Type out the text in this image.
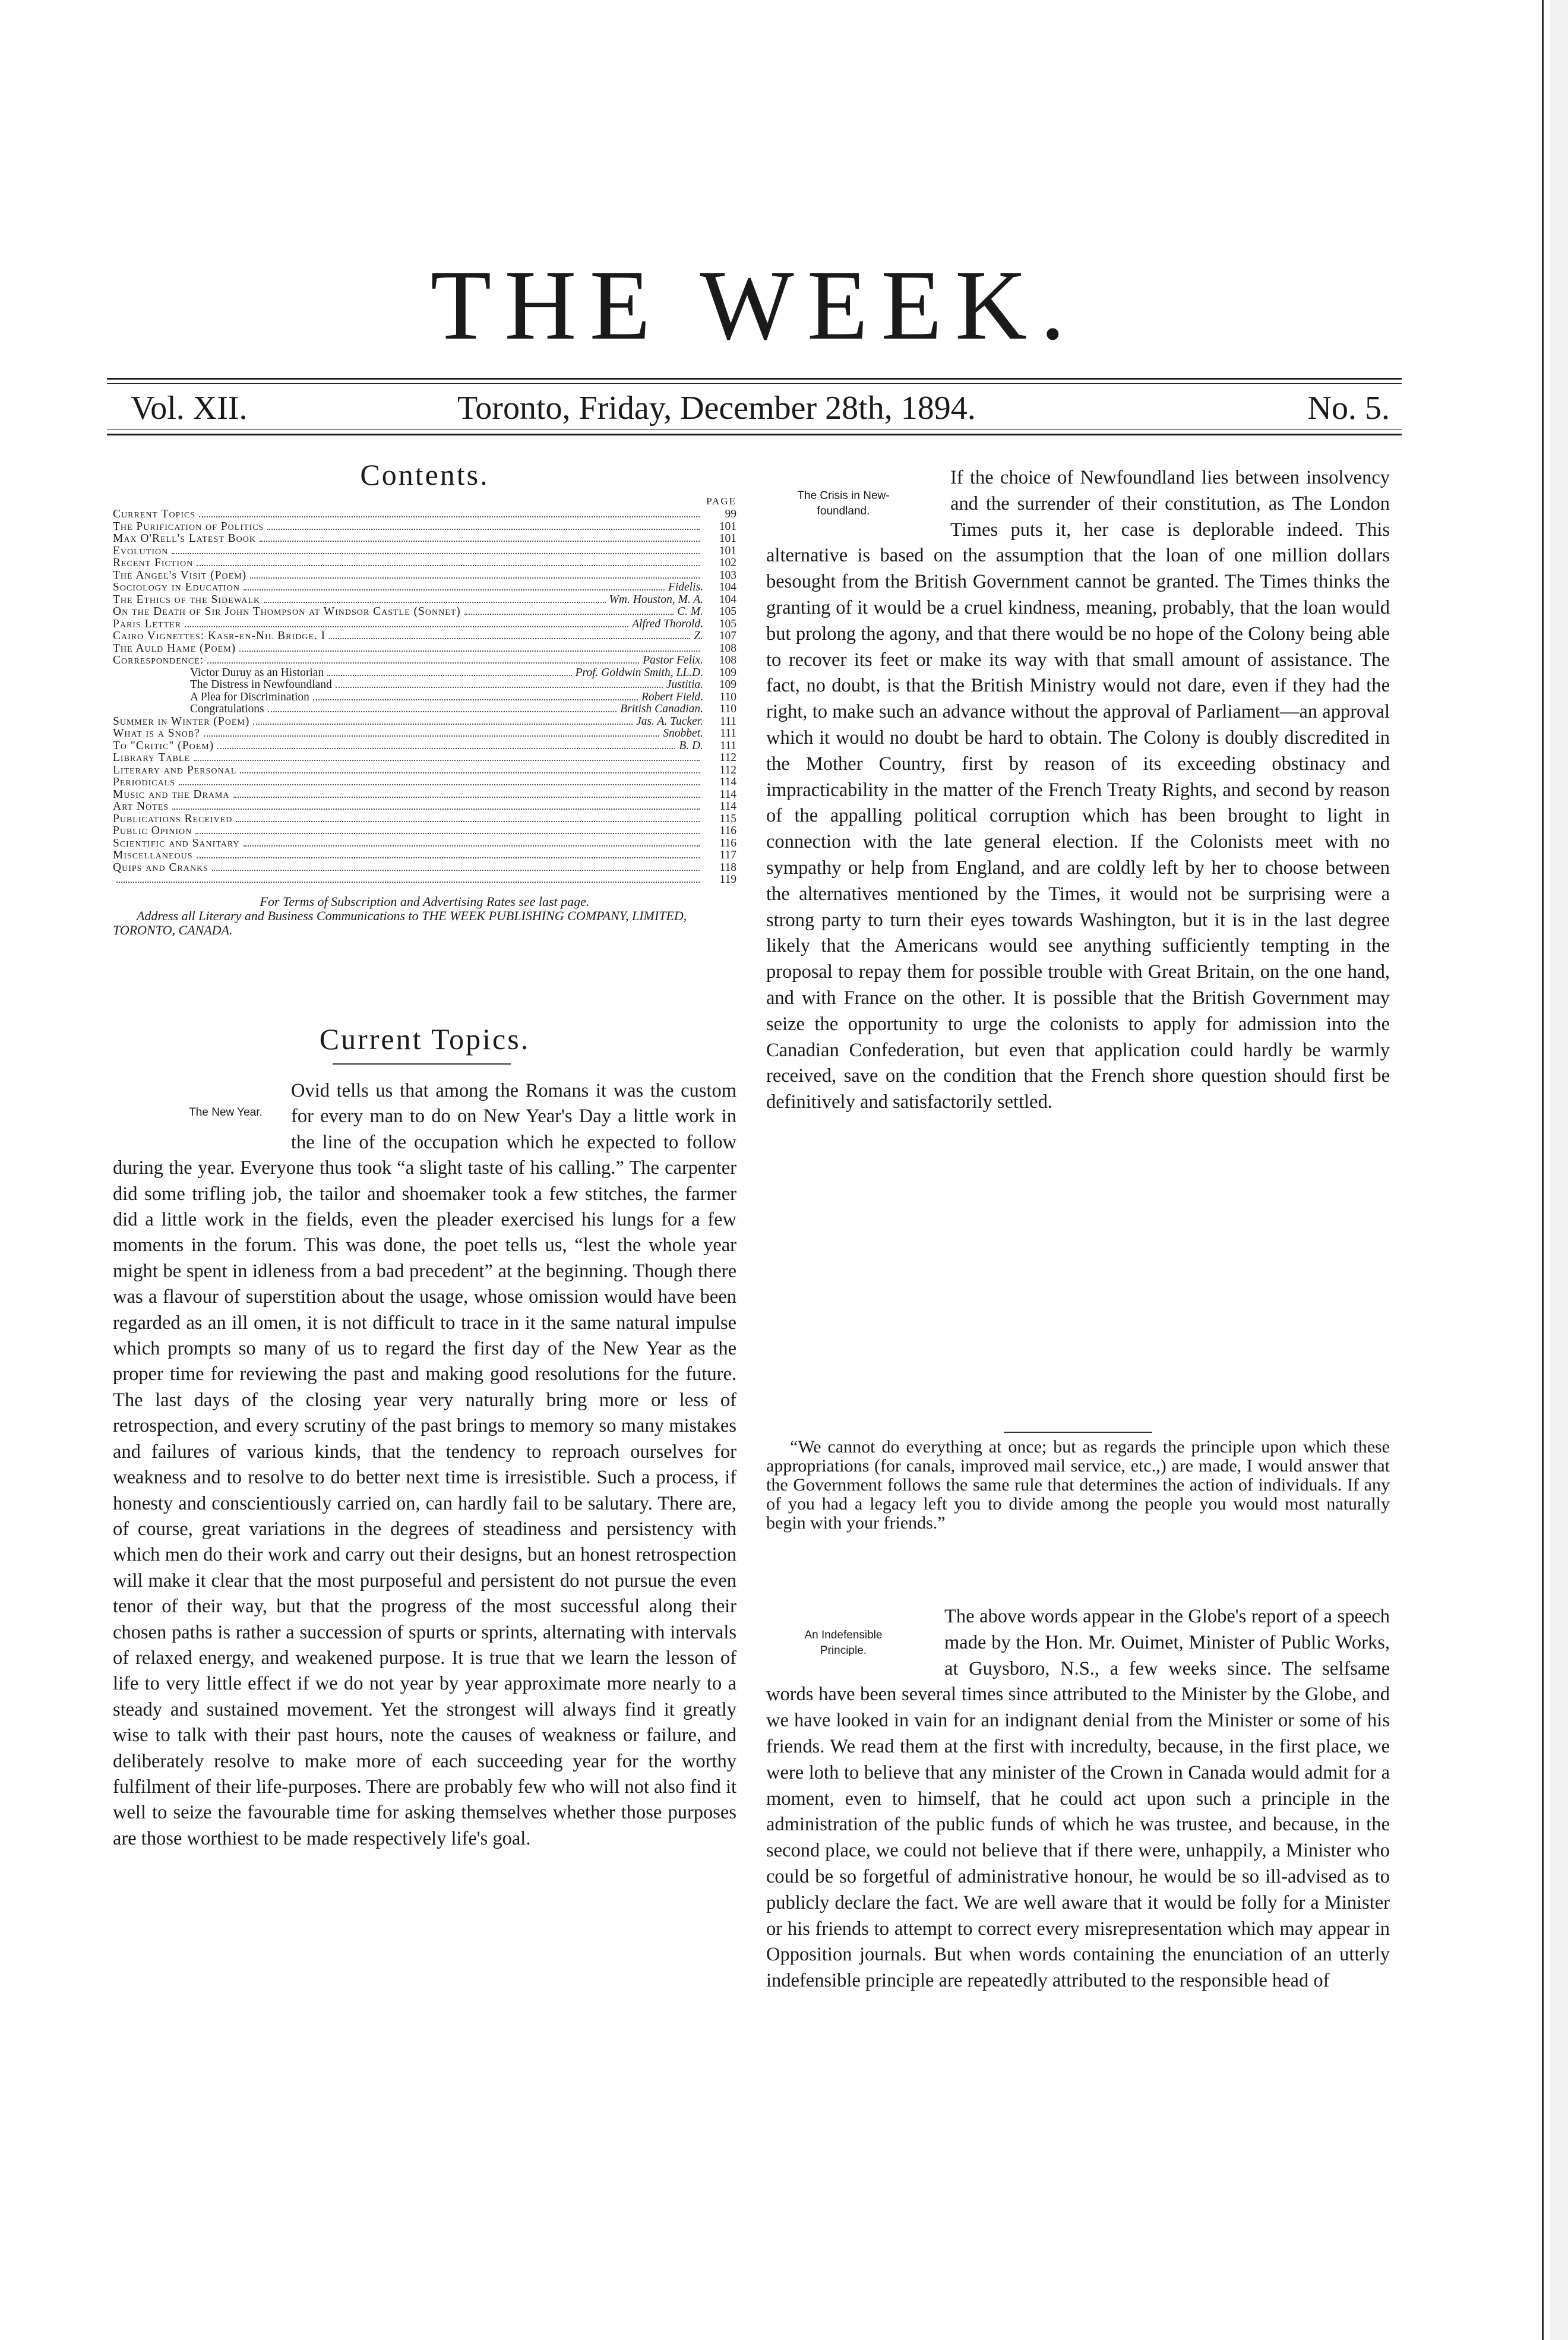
THE WEEK.
Vol. XII.	Toronto, Friday, December 28th, 1894.	No. 5.
Contents.
PAGE
Current Topics	99
The Purification of Politics	101
Max O'Rell's Latest Book	101
Evolution	101
Recent Fiction	102
The Angel's Visit (Poem)	103
Sociology in Education	Fidelis.	104
The Ethics of the Sidewalk	Wm. Houston, M. A.	104
On the Death of Sir John Thompson at Windsor Castle (Sonnet)	C. M.	105
Paris Letter	Alfred Thorold.	105
Cairo Vignettes: Kasr-en-Nil Bridge. I	Z.	107
The Auld Hame (Poem)	108
Correspondence:	Pastor Felix.	108
Victor Duruy as an Historian	Prof. Goldwin Smith, LL.D.	109
The Distress in Newfoundland	Justitia.	109
A Plea for Discrimination	Robert Field.	110
Congratulations	British Canadian.	110
Summer in Winter (Poem)	Jas. A. Tucker.	111
What is a Snob?	Snobbet.	111
To "Critic" (Poem)	B. D.	111
Library Table	112
Literary and Personal	112
Periodicals	114
Music and the Drama	114
Art Notes	114
Publications Received	115
Public Opinion	116
Scientific and Sanitary	116
Miscellaneous	117
Quips and Cranks	118
119
For Terms of Subscription and Advertising Rates see last page.
Address all Literary and Business Communications to THE WEEK PUBLISHING COMPANY, LIMITED, TORONTO, CANADA.
Current Topics.
The New Year.

Ovid tells us that among the Romans it was the custom for every man to do on New Year's Day a little work in the line of the occupation which he expected to follow during the year. Everyone thus took “a slight taste of his calling.” The carpenter did some trifling job, the tailor and shoemaker took a few stitches, the farmer did a little work in the fields, even the pleader exercised his lungs for a few moments in the forum. This was done, the poet tells us, “lest the whole year might be spent in idleness from a bad precedent” at the beginning. Though there was a flavour of superstition about the usage, whose omission would have been regarded as an ill omen, it is not difficult to trace in it the same natural impulse which prompts so many of us to regard the first day of the New Year as the proper time for reviewing the past and making good resolutions for the future. The last days of the closing year very naturally bring more or less of retrospection, and every scrutiny of the past brings to memory so many mistakes and failures of various kinds, that the tendency to reproach ourselves for weakness and to resolve to do better next time is irresistible. Such a process, if honesty and conscientiously carried on, can hardly fail to be salutary. There are, of course, great variations in the degrees of steadiness and persistency with which men do their work and carry out their designs, but an honest retrospection will make it clear that the most purposeful and persistent do not pursue the even tenor of their way, but that the progress of the most successful along their chosen paths is rather a succession of spurts or sprints, alternating with intervals of relaxed energy, and weakened purpose. It is true that we learn the lesson of life to very little effect if we do not year by year approximate more nearly to a steady and sustained movement. Yet the strongest will always find it greatly wise to talk with their past hours, note the causes of weakness or failure, and deliberately resolve to make more of each succeeding year for the worthy fulfilment of their life-purposes. There are probably few who will not also find it well to seize the favourable time for asking themselves whether those purposes are those worthiest to be made respectively life's goal.

The Crisis in New-foundland.

If the choice of Newfoundland lies between insolvency and the surrender of their constitution, as The London Times puts it, her case is deplorable indeed. This alternative is based on the assumption that the loan of one million dollars besought from the British Government cannot be granted. The Times thinks the granting of it would be a cruel kindness, meaning, probably, that the loan would but prolong the agony, and that there would be no hope of the Colony being able to recover its feet or make its way with that small amount of assistance. The fact, no doubt, is that the British Ministry would not dare, even if they had the right, to make such an advance without the approval of Parliament—an approval which it would no doubt be hard to obtain. The Colony is doubly discredited in the Mother Country, first by reason of its exceeding obstinacy and impracticability in the matter of the French Treaty Rights, and second by reason of the appalling political corruption which has been brought to light in connection with the late general election. If the Colonists meet with no sympathy or help from England, and are coldly left by her to choose between the alternatives mentioned by the Times, it would not be surprising were a strong party to turn their eyes towards Washington, but it is in the last degree likely that the Americans would see anything sufficiently tempting in the proposal to repay them for possible trouble with Great Britain, on the one hand, and with France on the other. It is possible that the British Government may seize the opportunity to urge the colonists to apply for admission into the Canadian Confederation, but even that application could hardly be warmly received, save on the condition that the French shore question should first be definitively and satisfactorily settled.

“We cannot do everything at once; but as regards the principle upon which these appropriations (for canals, improved mail service, etc.,) are made, I would answer that the Government follows the same rule that determines the action of individuals. If any of you had a legacy left you to divide among the people you would most naturally begin with your friends.”
An Indefensible Principle.

The above words appear in the Globe's report of a speech made by the Hon. Mr. Ouimet, Minister of Public Works, at Guysboro, N.S., a few weeks since. The selfsame words have been several times since attributed to the Minister by the Globe, and we have looked in vain for an indignant denial from the Minister or some of his friends. We read them at the first with incredulty, because, in the first place, we were loth to believe that any minister of the Crown in Canada would admit for a moment, even to himself, that he could act upon such a principle in the administration of the public funds of which he was trustee, and because, in the second place, we could not believe that if there were, unhappily, a Minister who could be so forgetful of administrative honour, he would be so ill-advised as to publicly declare the fact. We are well aware that it would be folly for a Minister or his friends to attempt to correct every misrepresentation which may appear in Opposition journals. But when words containing the enunciation of an utterly indefensible principle are repeatedly attributed to the responsible head of
